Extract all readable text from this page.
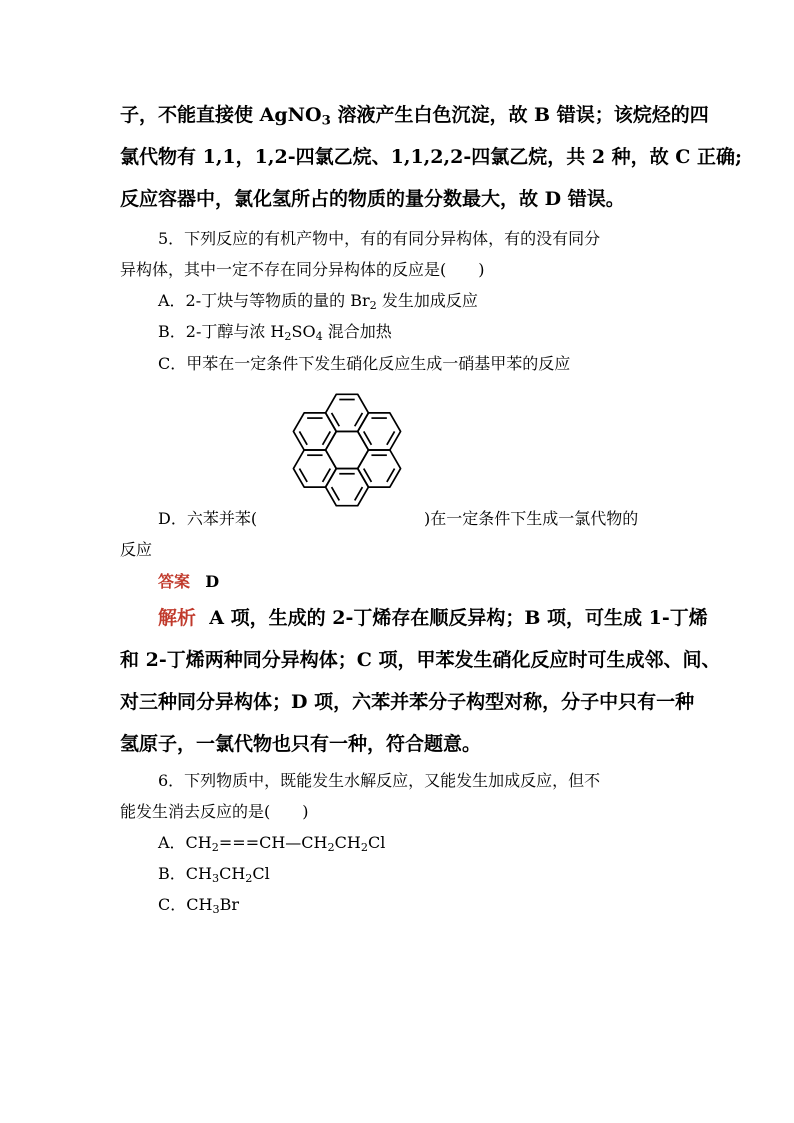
子，不能直接使 AgNO$_3$ 溶液产生白色沉淀，故 B 错误；该烷烃的四
氯代物有 1,1，1,2-四氯乙烷、1,1,2,2-四氯乙烷，共 2 种，故 C 正确;
反应容器中，氯化氢所占的物质的量分数最大，故 D 错误。
5．下列反应的有机产物中，有的有同分异构体，有的没有同分
异构体，其中一定不存在同分异构体的反应是(　　)
A．2-丁炔与等物质的量的 $Br_2$ 发生加成反应
B．2-丁醇与浓 $H_2SO_4$ 混合加热
C．甲苯在一定条件下发生硝化反应生成一硝基甲苯的反应
D．六苯并苯(	)在一定条件下生成一氯代物的
反应
答案 D
解析 A 项，生成的 2-丁烯存在顺反异构；B 项，可生成 1-丁烯
和 2-丁烯两种同分异构体；C 项，甲苯发生硝化反应时可生成邻、间、
对三种同分异构体；D 项，六苯并苯分子构型对称，分子中只有一种
氢原子，一氯代物也只有一种，符合题意。
6．下列物质中，既能发生水解反应，又能发生加成反应，但不
能发生消去反应的是(　　)
A．$CH_2===CH—CH_2CH_2Cl$
B．$CH_3CH_2Cl$
C．$CH_3Br$
